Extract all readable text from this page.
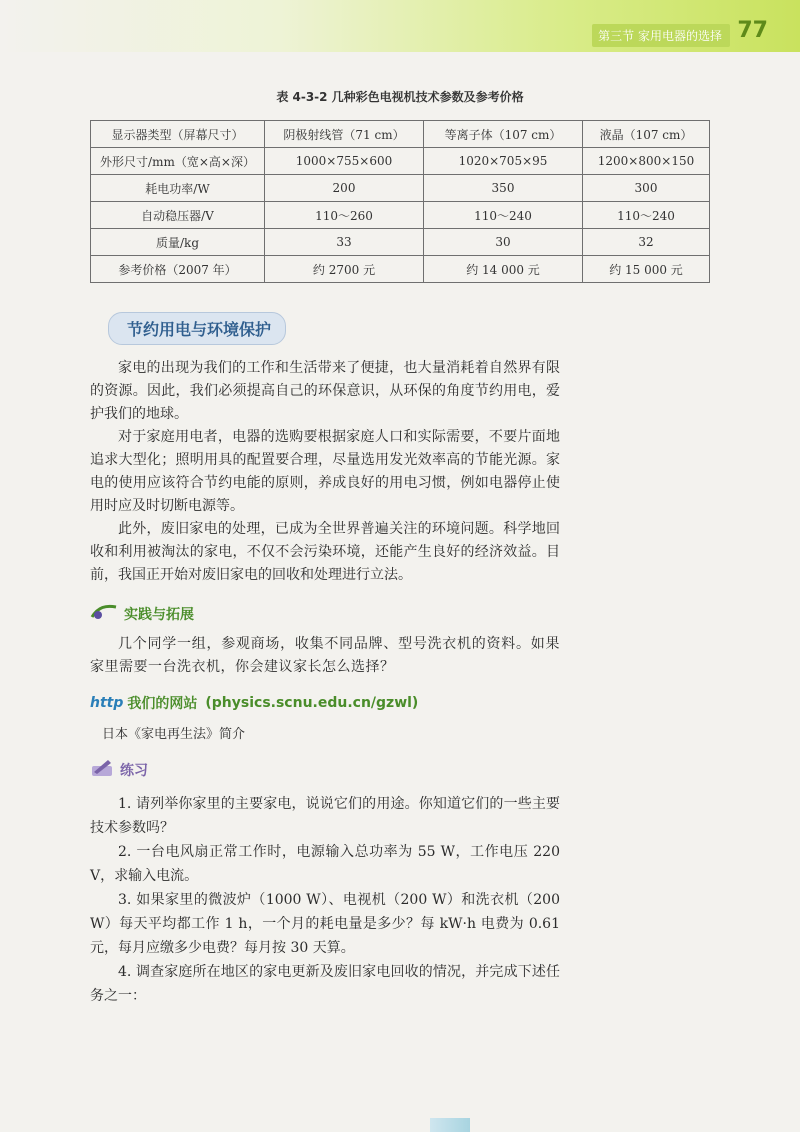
第三节 家用电器的选择 77
表 4-3-2 几种彩色电视机技术参数及参考价格
显示器类型（屏幕尺寸）	阴极射线管（71 cm）	等离子体（107 cm）	液晶（107 cm）
外形尺寸/mm（宽×高×深）	1000×755×600	1020×705×95	1200×800×150
耗电功率/W	200	350	300
自动稳压器/V	110～260	110～240	110～240
质量/kg	33	30	32
参考价格（2007 年）	约 2700 元	约 14 000 元	约 15 000 元
节约用电与环境保护

家电的出现为我们的工作和生活带来了便捷，也大量消耗着自然界有限的资源。因此，我们必须提高自己的环保意识，从环保的角度节约用电，爱护我们的地球。

对于家庭用电者，电器的选购要根据家庭人口和实际需要，不要片面地追求大型化；照明用具的配置要合理，尽量选用发光效率高的节能光源。家电的使用应该符合节约电能的原则，养成良好的用电习惯，例如电器停止使用时应及时切断电源等。

此外，废旧家电的处理，已成为全世界普遍关注的环境问题。科学地回收和利用被淘汰的家电，不仅不会污染环境，还能产生良好的经济效益。目前，我国正开始对废旧家电的回收和处理进行立法。

实践与拓展

几个同学一组，参观商场，收集不同品牌、型号洗衣机的资料。如果家里需要一台洗衣机，你会建议家长怎么选择？

http 我们的网站 (physics.scnu.edu.cn/gzwl)
日本《家电再生法》简介
练习

1. 请列举你家里的主要家电，说说它们的用途。你知道它们的一些主要技术参数吗？

2. 一台电风扇正常工作时，电源输入总功率为 55 W，工作电压 220 V，求输入电流。

3. 如果家里的微波炉（1000 W）、电视机（200 W）和洗衣机（200 W）每天平均都工作 1 h，一个月的耗电量是多少？每 kW·h 电费为 0.61 元，每月应缴多少电费？每月按 30 天算。

4. 调查家庭所在地区的家电更新及废旧家电回收的情况，并完成下述任务之一：
